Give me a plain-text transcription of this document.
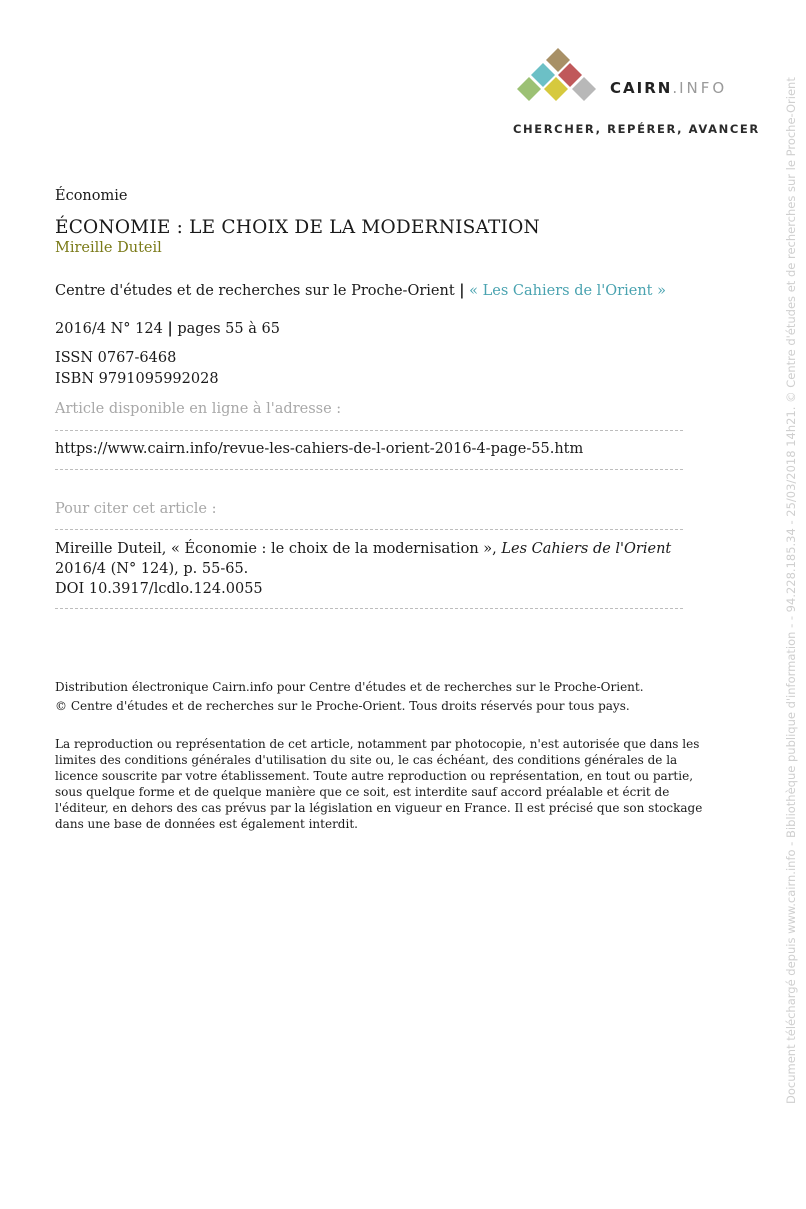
CAIRN.INFO
CHERCHER, REPÉRER, AVANCER
Économie
ÉCONOMIE : LE CHOIX DE LA MODERNISATION
Mireille Duteil
Centre d'études et de recherches sur le Proche-Orient | « Les Cahiers de l'Orient »
2016/4 N° 124 | pages 55 à 65
ISSN 0767-6468
ISBN 9791095992028
Article disponible en ligne à l'adresse :
https://www.cairn.info/revue-les-cahiers-de-l-orient-2016-4-page-55.htm
Pour citer cet article :
Mireille Duteil, « Économie : le choix de la modernisation », Les Cahiers de l'Orient
2016/4 (N° 124), p. 55-65.
DOI 10.3917/lcdlo.124.0055
Distribution électronique Cairn.info pour Centre d'études et de recherches sur le Proche-Orient.
© Centre d'études et de recherches sur le Proche-Orient. Tous droits réservés pour tous pays.
La reproduction ou représentation de cet article, notamment par photocopie, n'est autorisée que dans les
limites des conditions générales d'utilisation du site ou, le cas échéant, des conditions générales de la
licence souscrite par votre établissement. Toute autre reproduction ou représentation, en tout ou partie,
sous quelque forme et de quelque manière que ce soit, est interdite sauf accord préalable et écrit de
l'éditeur, en dehors des cas prévus par la législation en vigueur en France. Il est précisé que son stockage
dans une base de données est également interdit.	Document téléchargé depuis www.cairn.info - Bibliothèque publique d'information - - 94.228.185.34 - 25/03/2018 14h21. © Centre d'études et de recherches sur le Proche-Orient
